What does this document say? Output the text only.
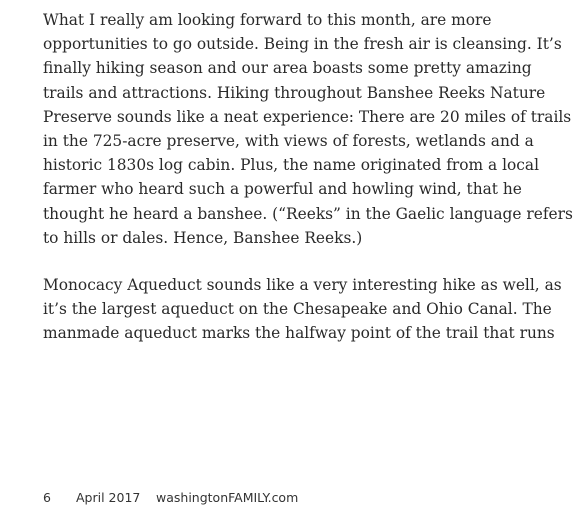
What I really am looking forward to this month, are more
opportunities to go outside. Being in the fresh air is cleansing. It’s
finally hiking season and our area boasts some pretty amazing
trails and attractions. Hiking throughout Banshee Reeks Nature
Preserve sounds like a neat experience: There are 20 miles of trails
in the 725-acre preserve, with views of forests, wetlands and a
historic 1830s log cabin. Plus, the name originated from a local
farmer who heard such a powerful and howling wind, that he
thought he heard a banshee. (“Reeks” in the Gaelic language refers
to hills or dales. Hence, Banshee Reeks.)
Monocacy Aqueduct sounds like a very interesting hike as well, as
it’s the largest aqueduct on the Chesapeake and Ohio Canal. The
manmade aqueduct marks the halfway point of the trail that runs
6 April 2017 washingtonFAMILY.com
